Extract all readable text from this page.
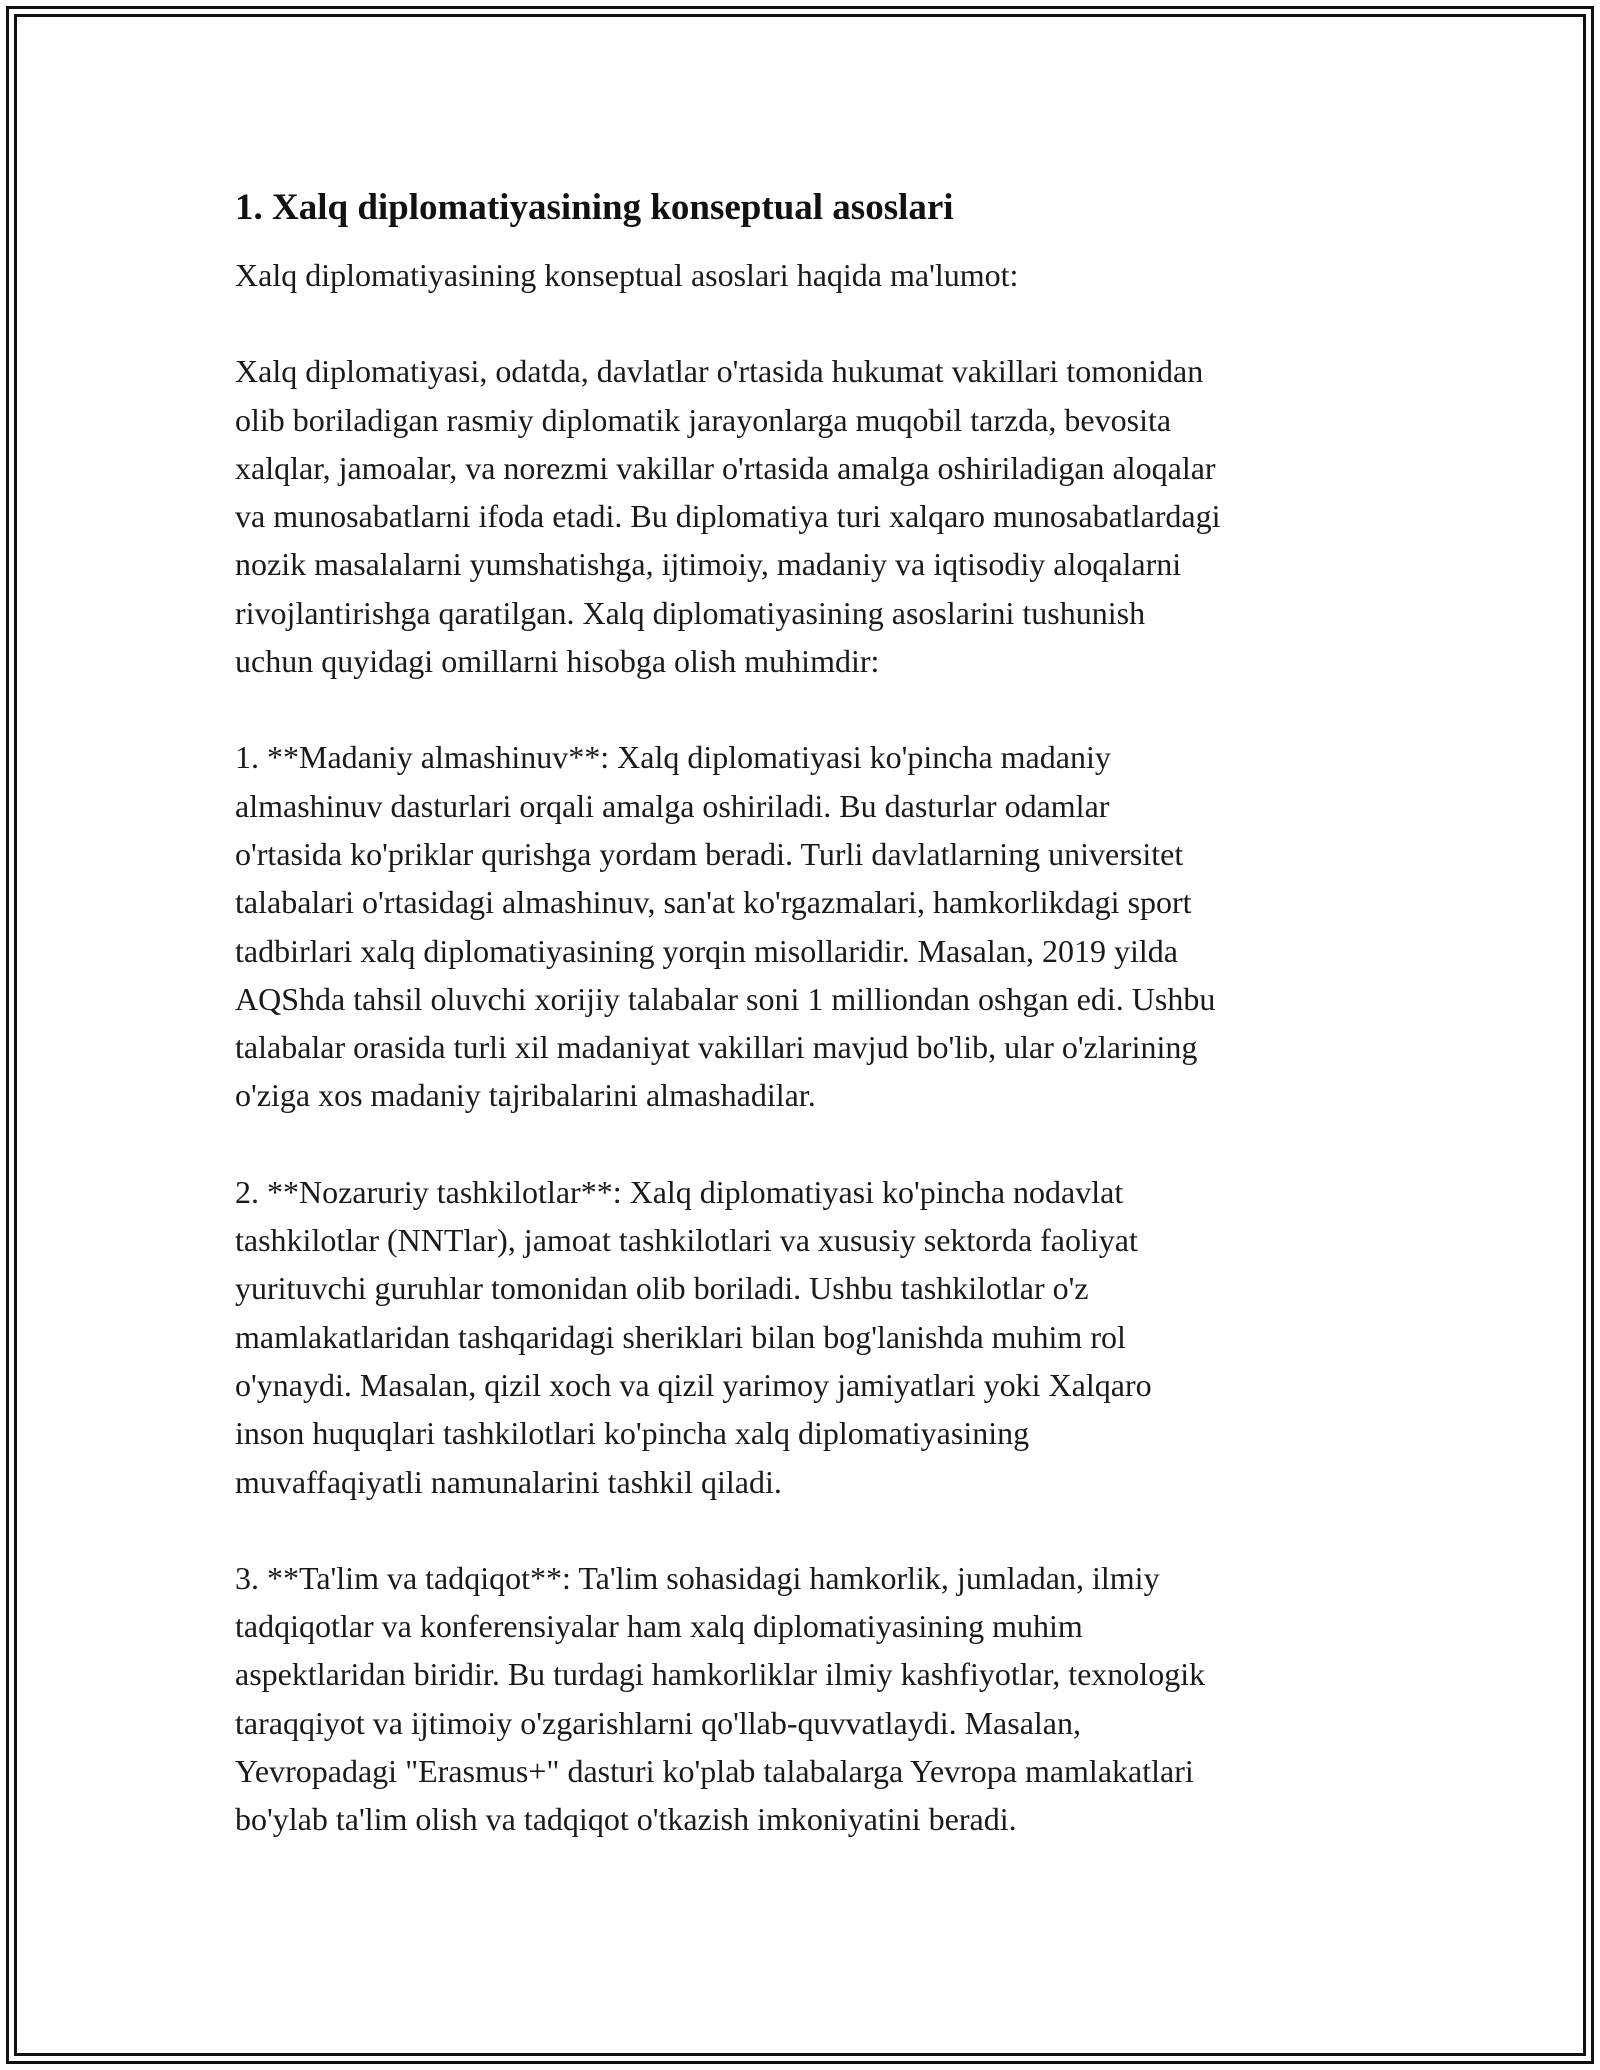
1. Xalq diplomatiyasining konseptual asoslari

Xalq diplomatiyasining konseptual asoslari haqida ma'lumot:

Xalq diplomatiyasi, odatda, davlatlar o'rtasida hukumat vakillari tomonidan
olib boriladigan rasmiy diplomatik jarayonlarga muqobil tarzda, bevosita
xalqlar, jamoalar, va norezmi vakillar o'rtasida amalga oshiriladigan aloqalar
va munosabatlarni ifoda etadi. Bu diplomatiya turi xalqaro munosabatlardagi
nozik masalalarni yumshatishga, ijtimoiy, madaniy va iqtisodiy aloqalarni
rivojlantirishga qaratilgan. Xalq diplomatiyasining asoslarini tushunish
uchun quyidagi omillarni hisobga olish muhimdir:

1. **Madaniy almashinuv**: Xalq diplomatiyasi ko'pincha madaniy
almashinuv dasturlari orqali amalga oshiriladi. Bu dasturlar odamlar
o'rtasida ko'priklar qurishga yordam beradi. Turli davlatlarning universitet
talabalari o'rtasidagi almashinuv, san'at ko'rgazmalari, hamkorlikdagi sport
tadbirlari xalq diplomatiyasining yorqin misollaridir. Masalan, 2019 yilda
AQShda tahsil oluvchi xorijiy talabalar soni 1 milliondan oshgan edi. Ushbu
talabalar orasida turli xil madaniyat vakillari mavjud bo'lib, ular o'zlarining
o'ziga xos madaniy tajribalarini almashadilar.

2. **Nozaruriy tashkilotlar**: Xalq diplomatiyasi ko'pincha nodavlat
tashkilotlar (NNTlar), jamoat tashkilotlari va xususiy sektorda faoliyat
yurituvchi guruhlar tomonidan olib boriladi. Ushbu tashkilotlar o'z
mamlakatlaridan tashqaridagi sheriklari bilan bog'lanishda muhim rol
o'ynaydi. Masalan, qizil xoch va qizil yarimoy jamiyatlari yoki Xalqaro
inson huquqlari tashkilotlari ko'pincha xalq diplomatiyasining
muvaffaqiyatli namunalarini tashkil qiladi.

3. **Ta'lim va tadqiqot**: Ta'lim sohasidagi hamkorlik, jumladan, ilmiy
tadqiqotlar va konferensiyalar ham xalq diplomatiyasining muhim
aspektlaridan biridir. Bu turdagi hamkorliklar ilmiy kashfiyotlar, texnologik
taraqqiyot va ijtimoiy o'zgarishlarni qo'llab-quvvatlaydi. Masalan,
Yevropadagi "Erasmus+" dasturi ko'plab talabalarga Yevropa mamlakatlari
bo'ylab ta'lim olish va tadqiqot o'tkazish imkoniyatini beradi.
